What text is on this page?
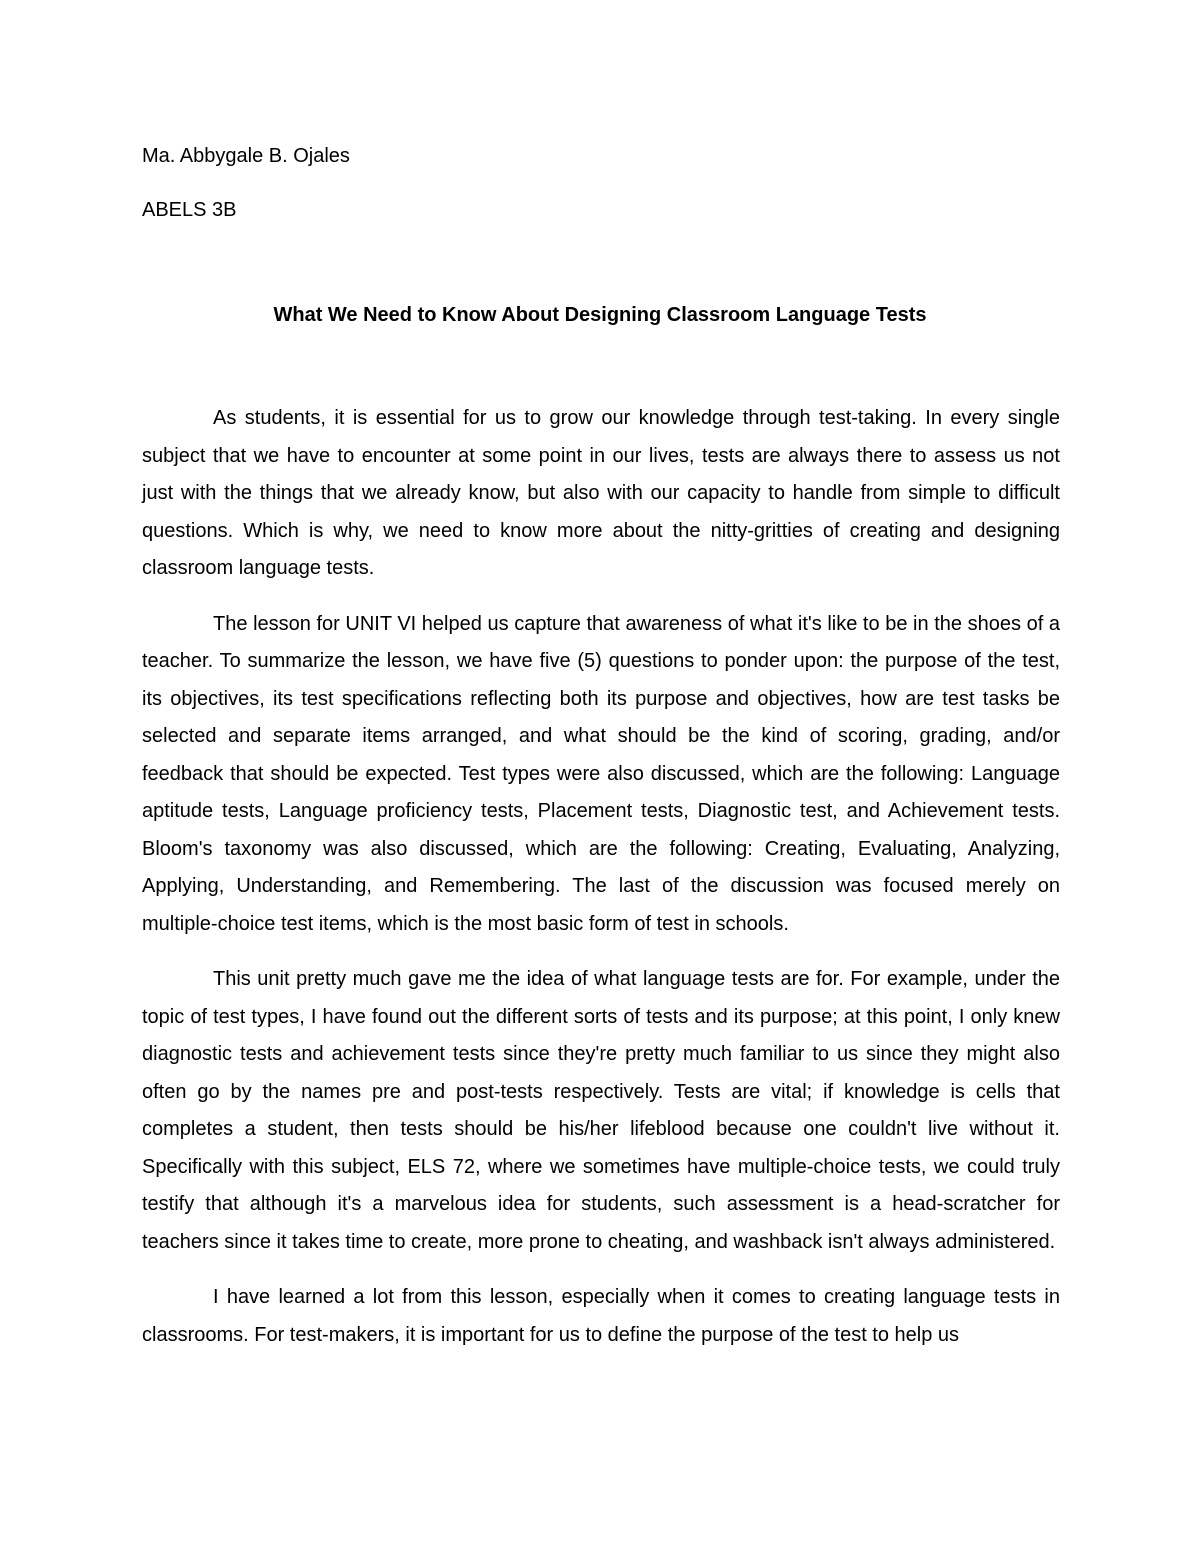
Ma. Abbygale B. Ojales

ABELS 3B

What We Need to Know About Designing Classroom Language Tests

As students, it is essential for us to grow our knowledge through test-taking. In every single subject that we have to encounter at some point in our lives, tests are always there to assess us not just with the things that we already know, but also with our capacity to handle from simple to difficult questions. Which is why, we need to know more about the nitty-gritties of creating and designing classroom language tests.

The lesson for UNIT VI helped us capture that awareness of what it's like to be in the shoes of a teacher. To summarize the lesson, we have five (5) questions to ponder upon: the purpose of the test, its objectives, its test specifications reflecting both its purpose and objectives, how are test tasks be selected and separate items arranged, and what should be the kind of scoring, grading, and/or feedback that should be expected. Test types were also discussed, which are the following: Language aptitude tests, Language proficiency tests, Placement tests, Diagnostic test, and Achievement tests. Bloom's taxonomy was also discussed, which are the following: Creating, Evaluating, Analyzing, Applying, Understanding, and Remembering. The last of the discussion was focused merely on multiple-choice test items, which is the most basic form of test in schools.

This unit pretty much gave me the idea of what language tests are for. For example, under the topic of test types, I have found out the different sorts of tests and its purpose; at this point, I only knew diagnostic tests and achievement tests since they're pretty much familiar to us since they might also often go by the names pre and post-tests respectively. Tests are vital; if knowledge is cells that completes a student, then tests should be his/her lifeblood because one couldn't live without it. Specifically with this subject, ELS 72, where we sometimes have multiple-choice tests, we could truly testify that although it's a marvelous idea for students, such assessment is a head-scratcher for teachers since it takes time to create, more prone to cheating, and washback isn't always administered.

I have learned a lot from this lesson, especially when it comes to creating language tests in classrooms. For test-makers, it is important for us to define the purpose of the test to help us
